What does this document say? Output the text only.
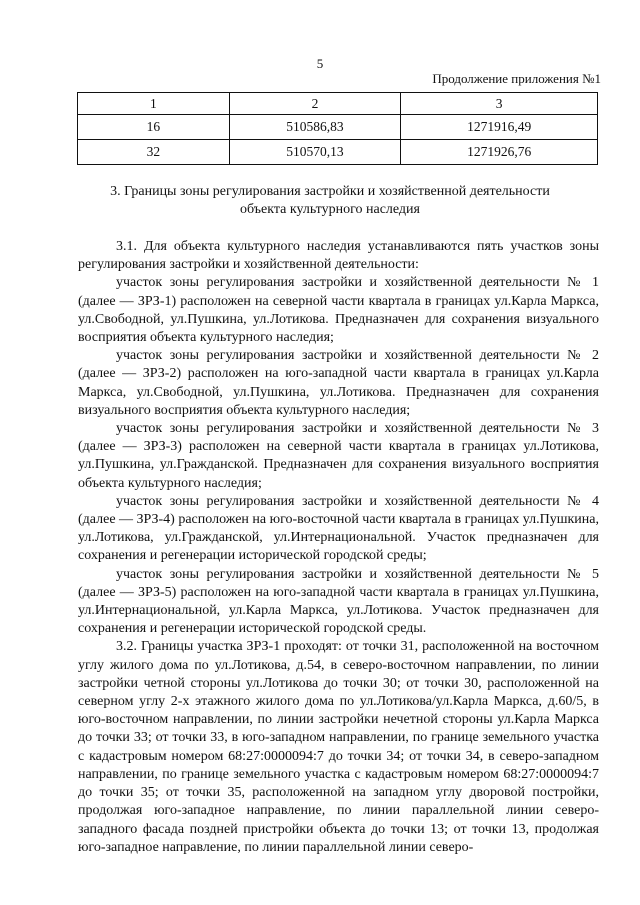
5
Продолжение приложения №1
1	2	3
16	510586,83	1271916,49
32	510570,13	1271926,76
3. Границы зоны регулирования застройки и хозяйственной деятельности объекта культурного наследия

3.1. Для объекта культурного наследия устанавливаются пять участков зоны регулирования застройки и хозяйственной деятельности:

участок зоны регулирования застройки и хозяйственной деятельности № 1 (далее — ЗРЗ-1) расположен на северной части квартала в границах ул.Карла Маркса, ул.Свободной, ул.Пушкина, ул.Лотикова. Предназначен для сохранения визуального восприятия объекта культурного наследия;

участок зоны регулирования застройки и хозяйственной деятельности № 2 (далее — ЗРЗ-2) расположен на юго-западной части квартала в границах ул.Карла Маркса, ул.Свободной, ул.Пушкина, ул.Лотикова. Предназначен для сохранения визуального восприятия объекта культурного наследия;

участок зоны регулирования застройки и хозяйственной деятельности № 3 (далее — ЗРЗ-3) расположен на северной части квартала в границах ул.Лотикова, ул.Пушкина, ул.Гражданской. Предназначен для сохранения визуального восприятия объекта культурного наследия;

участок зоны регулирования застройки и хозяйственной деятельности № 4 (далее — ЗРЗ-4) расположен на юго-восточной части квартала в границах ул.Пушкина, ул.Лотикова, ул.Гражданской, ул.Интернациональной. Участок предназначен для сохранения и регенерации исторической городской среды;

участок зоны регулирования застройки и хозяйственной деятельности № 5 (далее — ЗРЗ-5) расположен на юго-западной части квартала в границах ул.Пушкина, ул.Интернациональной, ул.Карла Маркса, ул.Лотикова. Участок предназначен для сохранения и регенерации исторической городской среды.

3.2. Границы участка ЗРЗ-1 проходят: от точки 31, расположенной на восточном углу жилого дома по ул.Лотикова, д.54, в северо-восточном направлении, по линии застройки четной стороны ул.Лотикова до точки 30; от точки 30, расположенной на северном углу 2-х этажного жилого дома по ул.Лотикова/ул.Карла Маркса, д.60/5, в юго-восточном направлении, по линии застройки нечетной стороны ул.Карла Маркса до точки 33; от точки 33, в юго-западном направлении, по границе земельного участка с кадастровым номером 68:27:0000094:7 до точки 34; от точки 34, в северо-западном направлении, по границе земельного участка с кадастровым номером 68:27:0000094:7 до точки 35; от точки 35, расположенной на западном углу дворовой постройки, продолжая юго-западное направление, по линии параллельной линии северо-западного фасада поздней пристройки объекта до точки 13; от точки 13, продолжая юго-западное направление, по линии параллельной линии северо-
